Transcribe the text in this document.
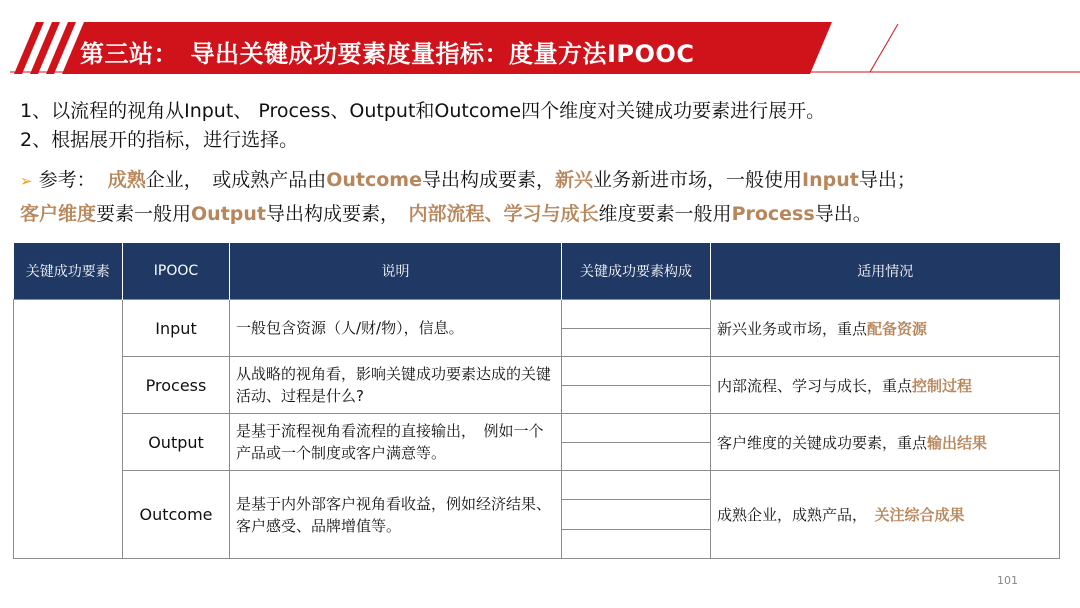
第三站：　导出关键成功要素度量指标：度量方法IPOOC
1、以流程的视角从Input、 Process、Output和Outcome四个维度对关键成功要素进行展开。
2、根据展开的指标，进行选择。
➢ 参考： 成熟企业，　或成熟产品由Outcome导出构成要素，新兴业务新进市场，一般使用Input导出；
客户维度要素一般用Output导出构成要素，　内部流程、学习与成长维度要素一般用Process导出。
关键成功要素	IPOOC	说明	关键成功要素构成	适用情况
	Input	一般包含资源（人/财/物），信息。		新兴业务或市场，重点配备资源
	Process	从战略的视角看，影响关键成功要素达成的关键活动、过程是什么?		内部流程、学习与成长，重点控制过程
	Output	是基于流程视角看流程的直接输出，　例如一个产品或一个制度或客户满意等。		客户维度的关键成功要素，重点输出结果
	Outcome	是基于内外部客户视角看收益，例如经济结果、客户感受、品牌增值等。		成熟企业，成熟产品，　关注综合成果
101
